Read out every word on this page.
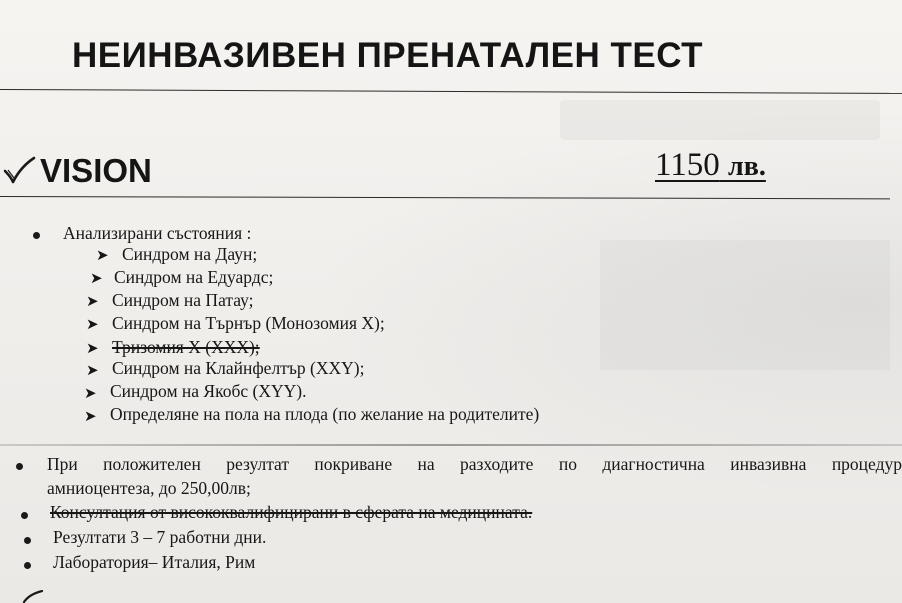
НЕИНВАЗИВЕН ПРЕНАТАЛЕН ТЕСТ
VISION	1150 лв.
Анализирани състояния :
➤ Синдром на Даун;
➤ Синдром на Едуардс;
➤ Синдром на Патау;
➤ Синдром на Търнър (Монозомия Х);
➤ Тризомия Х (ХХХ);
➤ Синдром на Клайнфелтър (ХХY);
➤ Синдром на Якобс (ХYY).
➤ Определяне на пола на плода (по желание на родителите)
При положителен резултат покриване на разходите по диагностична инвазивна процедур
амниоцентеза, до 250,00лв;
Консултация от висококвалифицирани в сферата на медицината.
Резултати 3 – 7 работни дни.
Лаборатория– Италия, Рим
